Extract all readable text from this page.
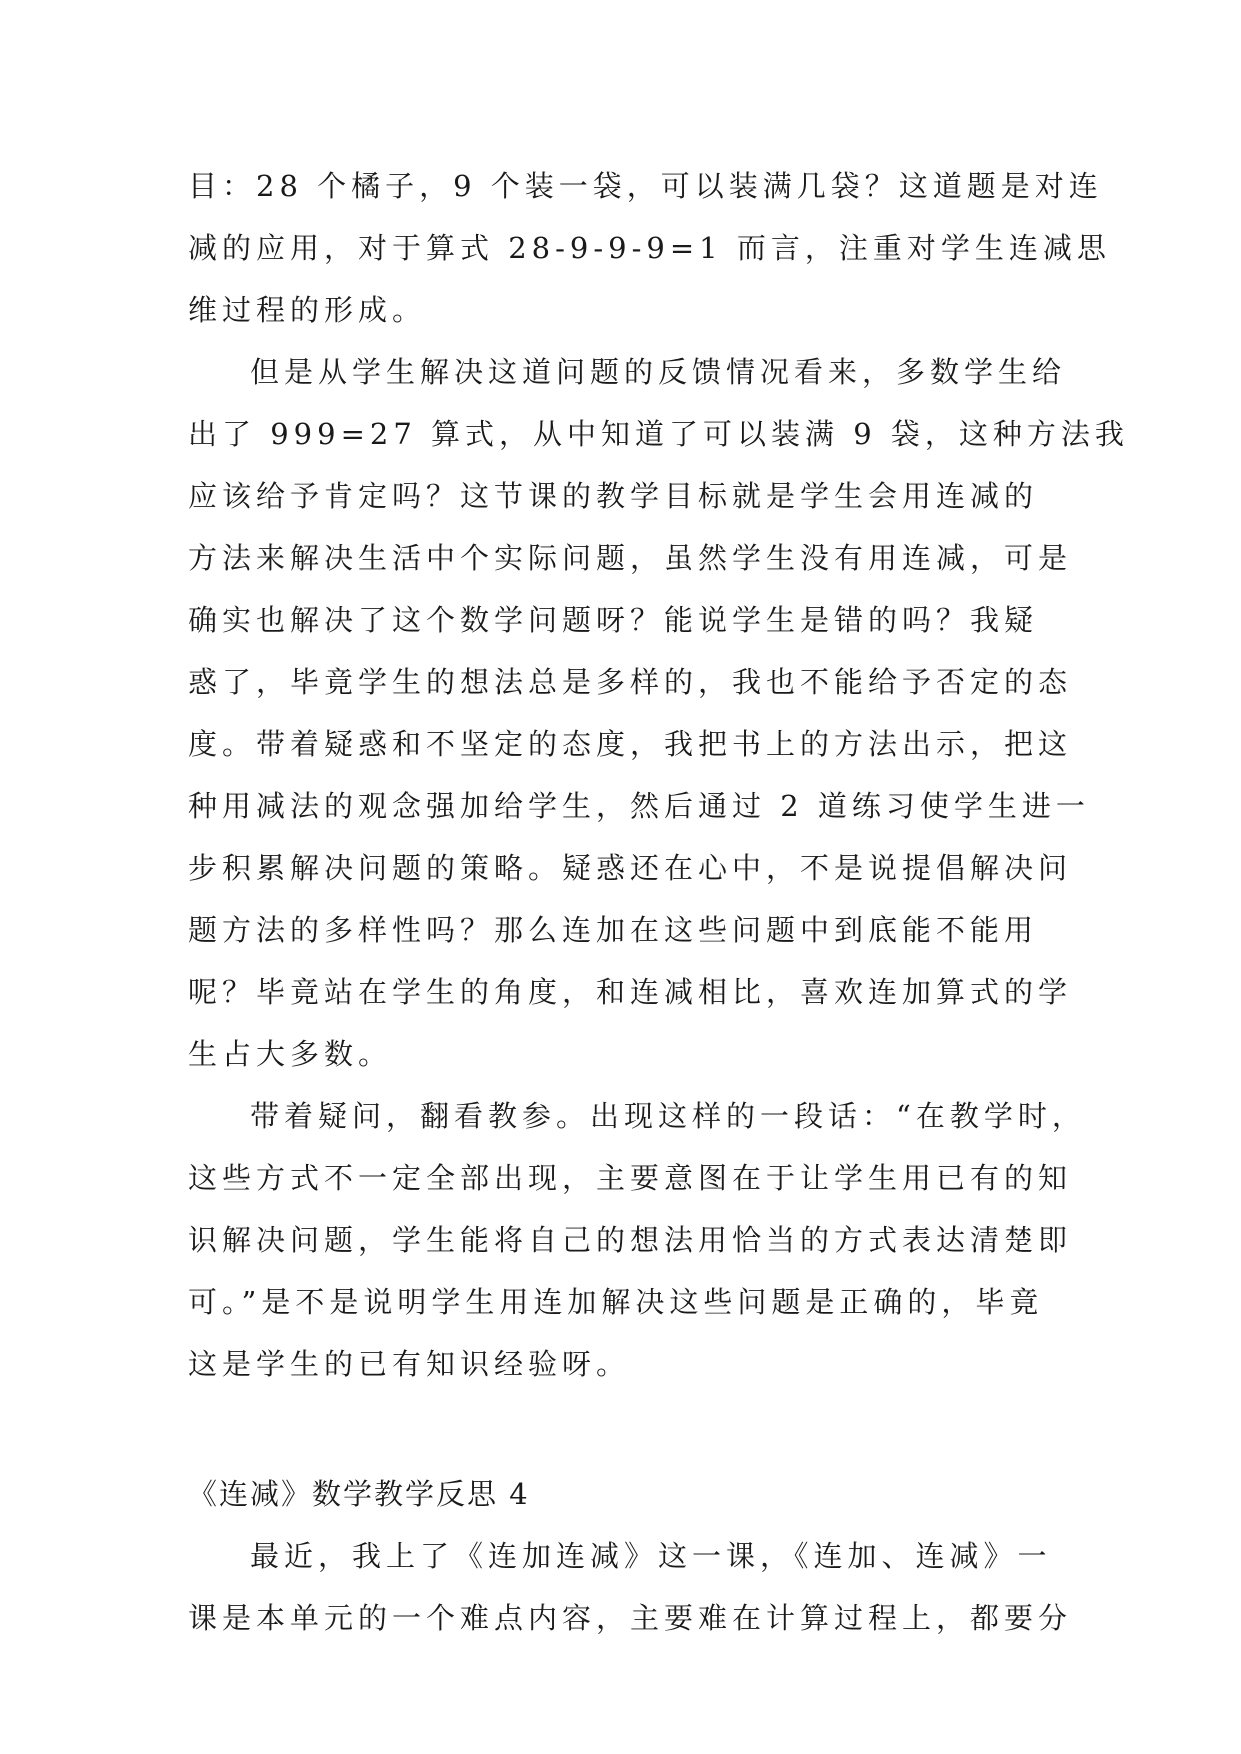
目：28 个橘子，9 个装一袋，可以装满几袋？这道题是对连
减的应用，对于算式 28-9-9-9=1 而言，注重对学生连减思
维过程的形成。
但是从学生解决这道问题的反馈情况看来，多数学生给
出了 999=27 算式，从中知道了可以装满 9 袋，这种方法我
应该给予肯定吗？这节课的教学目标就是学生会用连减的
方法来解决生活中个实际问题，虽然学生没有用连减，可是
确实也解决了这个数学问题呀？能说学生是错的吗？我疑
惑了，毕竟学生的想法总是多样的，我也不能给予否定的态
度。带着疑惑和不坚定的态度，我把书上的方法出示，把这
种用减法的观念强加给学生，然后通过 2 道练习使学生进一
步积累解决问题的策略。疑惑还在心中，不是说提倡解决问
题方法的多样性吗？那么连加在这些问题中到底能不能用
呢？毕竟站在学生的角度，和连减相比，喜欢连加算式的学
生占大多数。
带着疑问，翻看教参。出现这样的一段话：“在教学时，
这些方式不一定全部出现，主要意图在于让学生用已有的知
识解决问题，学生能将自己的想法用恰当的方式表达清楚即
可。”是不是说明学生用连加解决这些问题是正确的，毕竟
这是学生的已有知识经验呀。
《连减》数学教学反思 4
最近，我上了《连加连减》这一课，《连加、连减》一
课是本单元的一个难点内容，主要难在计算过程上，都要分
